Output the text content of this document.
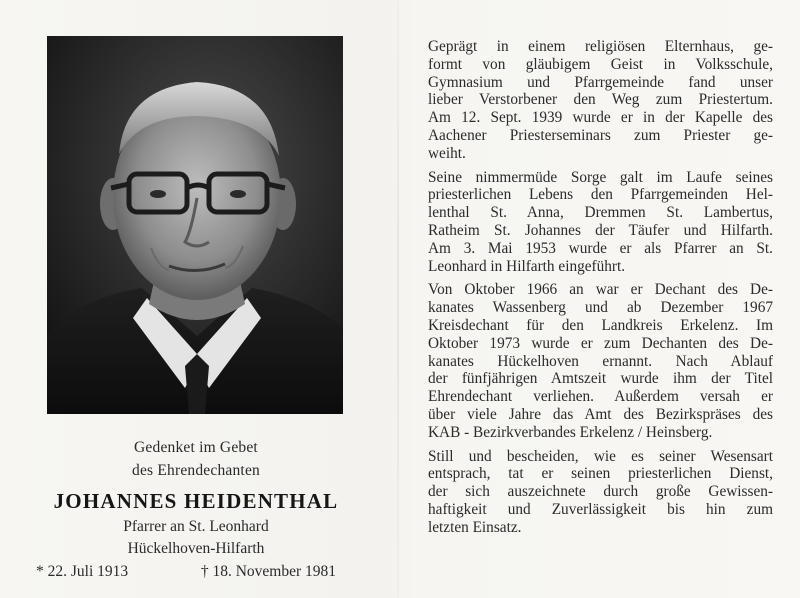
Gedenket im Gebet
des Ehrendechanten
JOHANNES HEIDENTHAL
Pfarrer an St. Leonhard
Hückelhoven-Hilfarth
* 22. Juli 1913	† 18. November 1981

Geprägt in einem religiösen Elternhaus, ge-
formt von gläubigem Geist in Volksschule,
Gymnasium und Pfarrgemeinde fand unser
lieber Verstorbener den Weg zum Priestertum.
Am 12. Sept. 1939 wurde er in der Kapelle des
Aachener Priesterseminars zum Priester ge-
weiht.

Seine nimmermüde Sorge galt im Laufe seines
priesterlichen Lebens den Pfarrgemeinden Hel-
lenthal St. Anna, Dremmen St. Lambertus,
Ratheim St. Johannes der Täufer und Hilfarth.
Am 3. Mai 1953 wurde er als Pfarrer an St.
Leonhard in Hilfarth eingeführt.

Von Oktober 1966 an war er Dechant des De-
kanates Wassenberg und ab Dezember 1967
Kreisdechant für den Landkreis Erkelenz. Im
Oktober 1973 wurde er zum Dechanten des De-
kanates Hückelhoven ernannt. Nach Ablauf
der fünfjährigen Amtszeit wurde ihm der Titel
Ehrendechant verliehen. Außerdem versah er
über viele Jahre das Amt des Bezirkspräses des
KAB - Bezirkverbandes Erkelenz / Heinsberg.

Still und bescheiden, wie es seiner Wesensart
entsprach, tat er seinen priesterlichen Dienst,
der sich auszeichnete durch große Gewissen-
haftigkeit und Zuverlässigkeit bis hin zum
letzten Einsatz.
